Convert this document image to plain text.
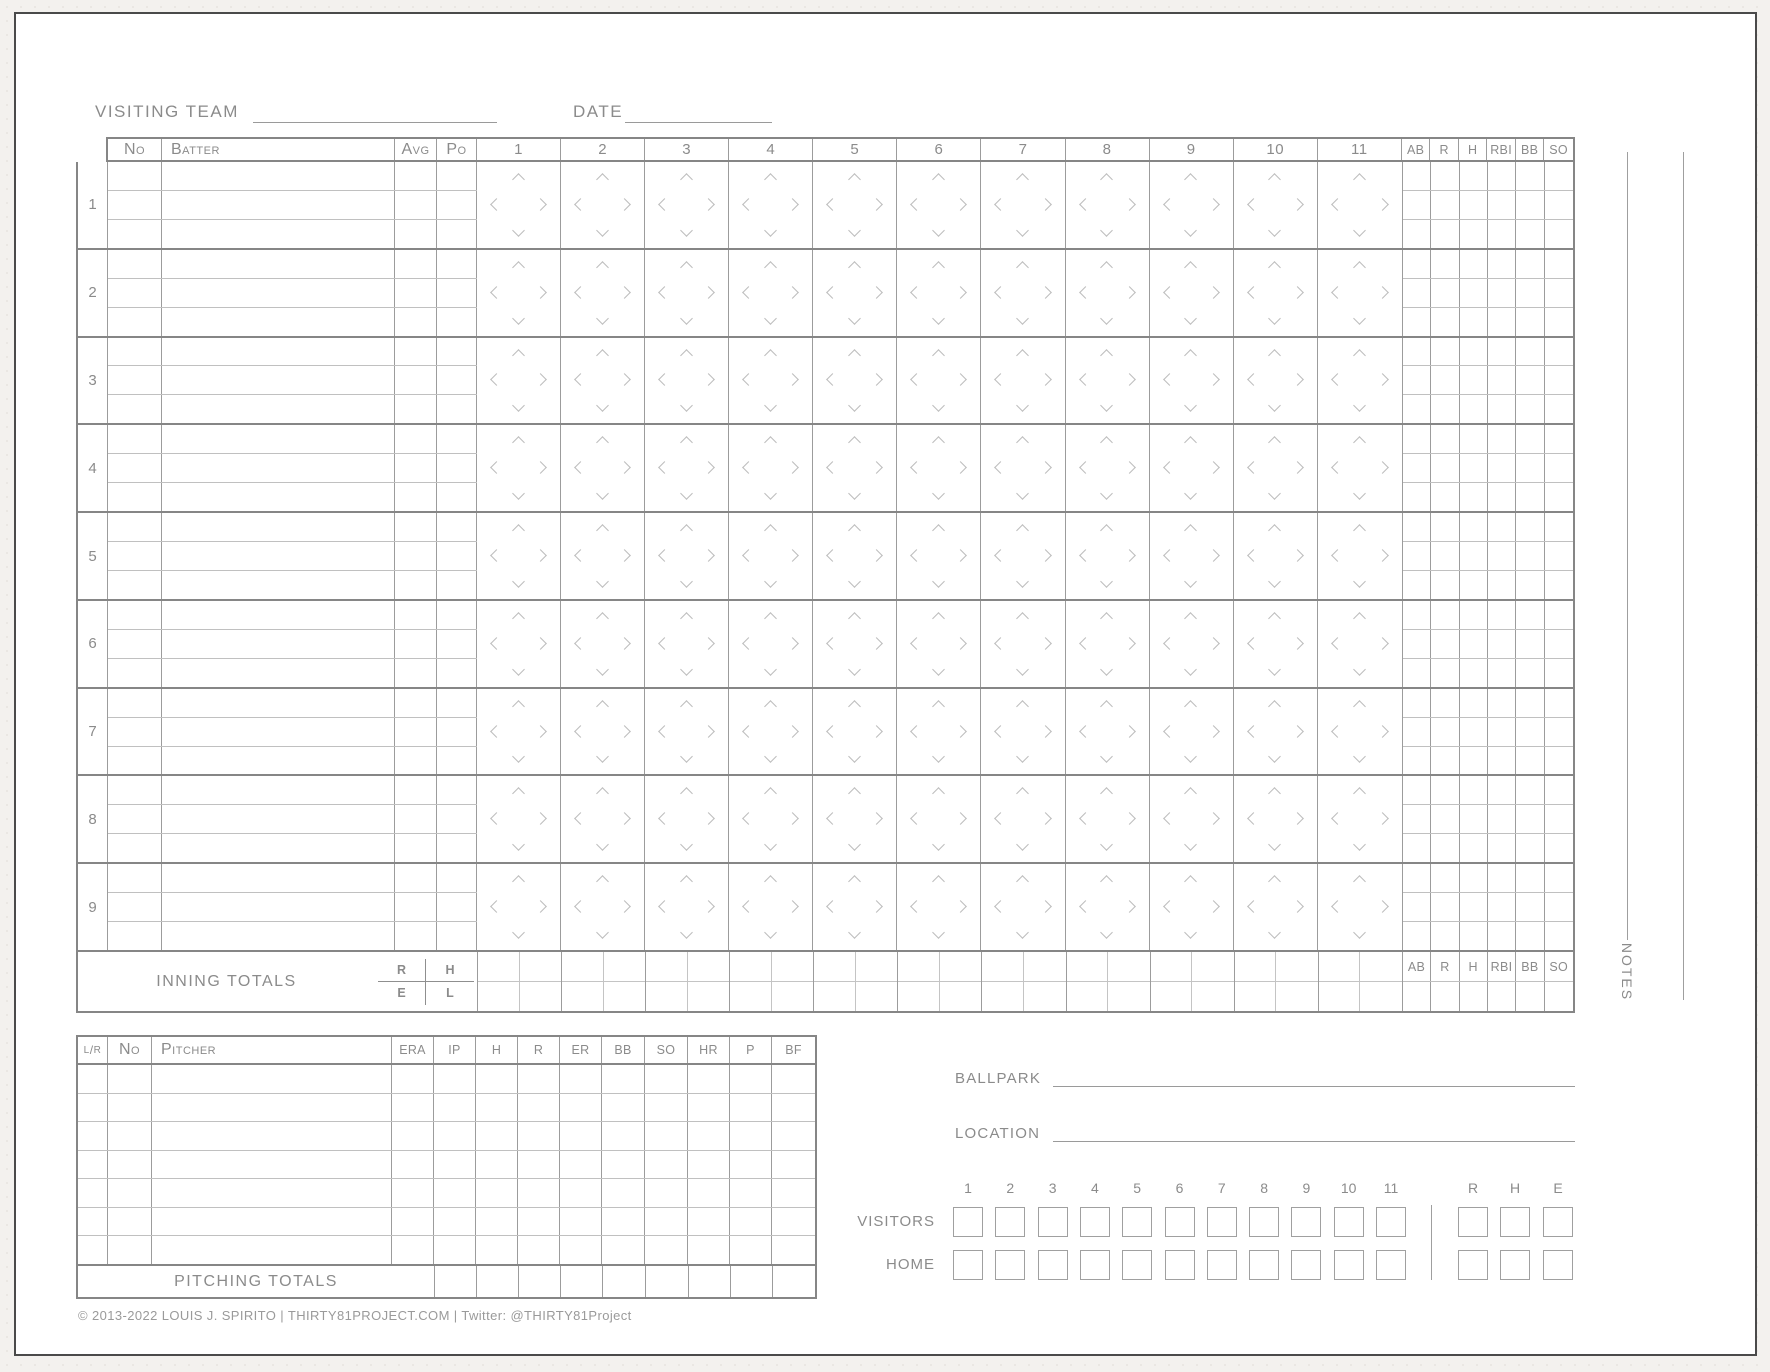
VISITING TEAM	DATE
No	Batter	Avg	Po	1	2	3	4	5	6	7	8	9	10	11	AB	R	H	RBI BB SO
1
2
3
4
5
6
7
8
9
INNING TOTALS
R	H
E	L
AB	R	H	RBI BB SO	NOTES
L / R	No	Pitcher	ERA	IP	H	R	ER	BB	SO	HR	P	BF
PITCHING TOTALS
© 2013-2022 LOUIS J. SPIRITO | THIRTY81PROJECT.COM | Twitter: @THIRTY81Project
BALLPARK
LOCATION
1	2	3	4	5	6	7	8	9	10	11	R	H	E
VISITORS
HOME
